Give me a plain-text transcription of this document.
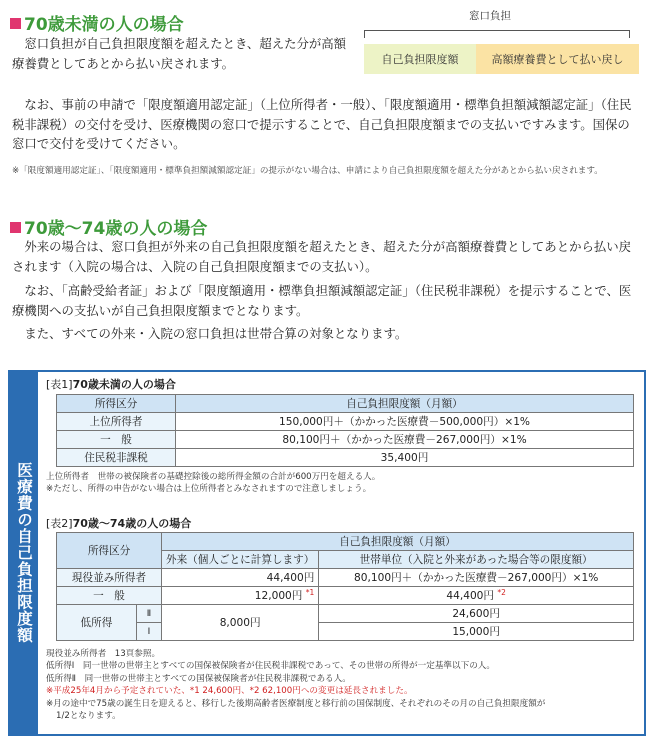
70歳未満の人の場合
窓口負担が自己負担限度額を超えたとき、超えた分が高額療養費としてあとから払い戻されます。
なお、事前の申請で「限度額適用認定証」（上位所得者・一般）、「限度額適用・標準負担額減額認定証」（住民税非課税）の交付を受け、医療機関の窓口で提示することで、自己負担限度額までの支払いですみます。国保の窓口で交付を受けてください。
※「限度額適用認定証」、「限度額適用・標準負担額減額認定証」の提示がない場合は、申請により自己負担限度額を超えた分があとから払い戻されます。
窓口負担
自己負担限度額	高額療養費として払い戻し
70歳～74歳の人の場合
外来の場合は、窓口負担が外来の自己負担限度額を超えたとき、超えた分が高額療養費としてあとから払い戻されます（入院の場合は、入院の自己負担限度額までの支払い）。
なお、「高齢受給者証」および「限度額適用・標準負担額減額認定証」（住民税非課税）を提示することで、医療機関への支払いが自己負担限度額までとなります。
また、すべての外来・入院の窓口負担は世帯合算の対象となります。
医療費の自己負担限度額
[表1]70歳未満の人の場合
所得区分	自己負担限度額（月額）
上位所得者	150,000円＋（かかった医療費－500,000円）×1%
一　般	80,100円＋（かかった医療費－267,000円）×1%
住民税非課税	35,400円
上位所得者　世帯の被保険者の基礎控除後の総所得金額の合計が600万円を超える人。
※ただし、所得の申告がない場合は上位所得者とみなされますので注意しましょう。
[表2]70歳～74歳の人の場合
所得区分		自己負担限度額（月額）	
		外来（個人ごとに計算します）	世帯単位（入院と外来があった場合等の限度額）
現役並み所得者		44,400円	80,100円＋（かかった医療費－267,000円）×1%
一　般		12,000円 $^{*1}$	44,400円 $^{*2}$
低所得	Ⅱ	8,000円	24,600円
	Ⅰ		15,000円
現役並み所得者　13頁参照。
低所得Ⅰ　同一世帯の世帯主とすべての国保被保険者が住民税非課税であって、その世帯の所得が一定基準以下の人。
低所得Ⅱ　同一世帯の世帯主とすべての国保被保険者が住民税非課税である人。
※平成25年4月から予定されていた、*1 24,600円、*2 62,100円への変更は延長されました。
※月の途中で75歳の誕生日を迎えると、移行した後期高齢者医療制度と移行前の国保制度、それぞれのその月の自己負担限度額が
1/2となります。
